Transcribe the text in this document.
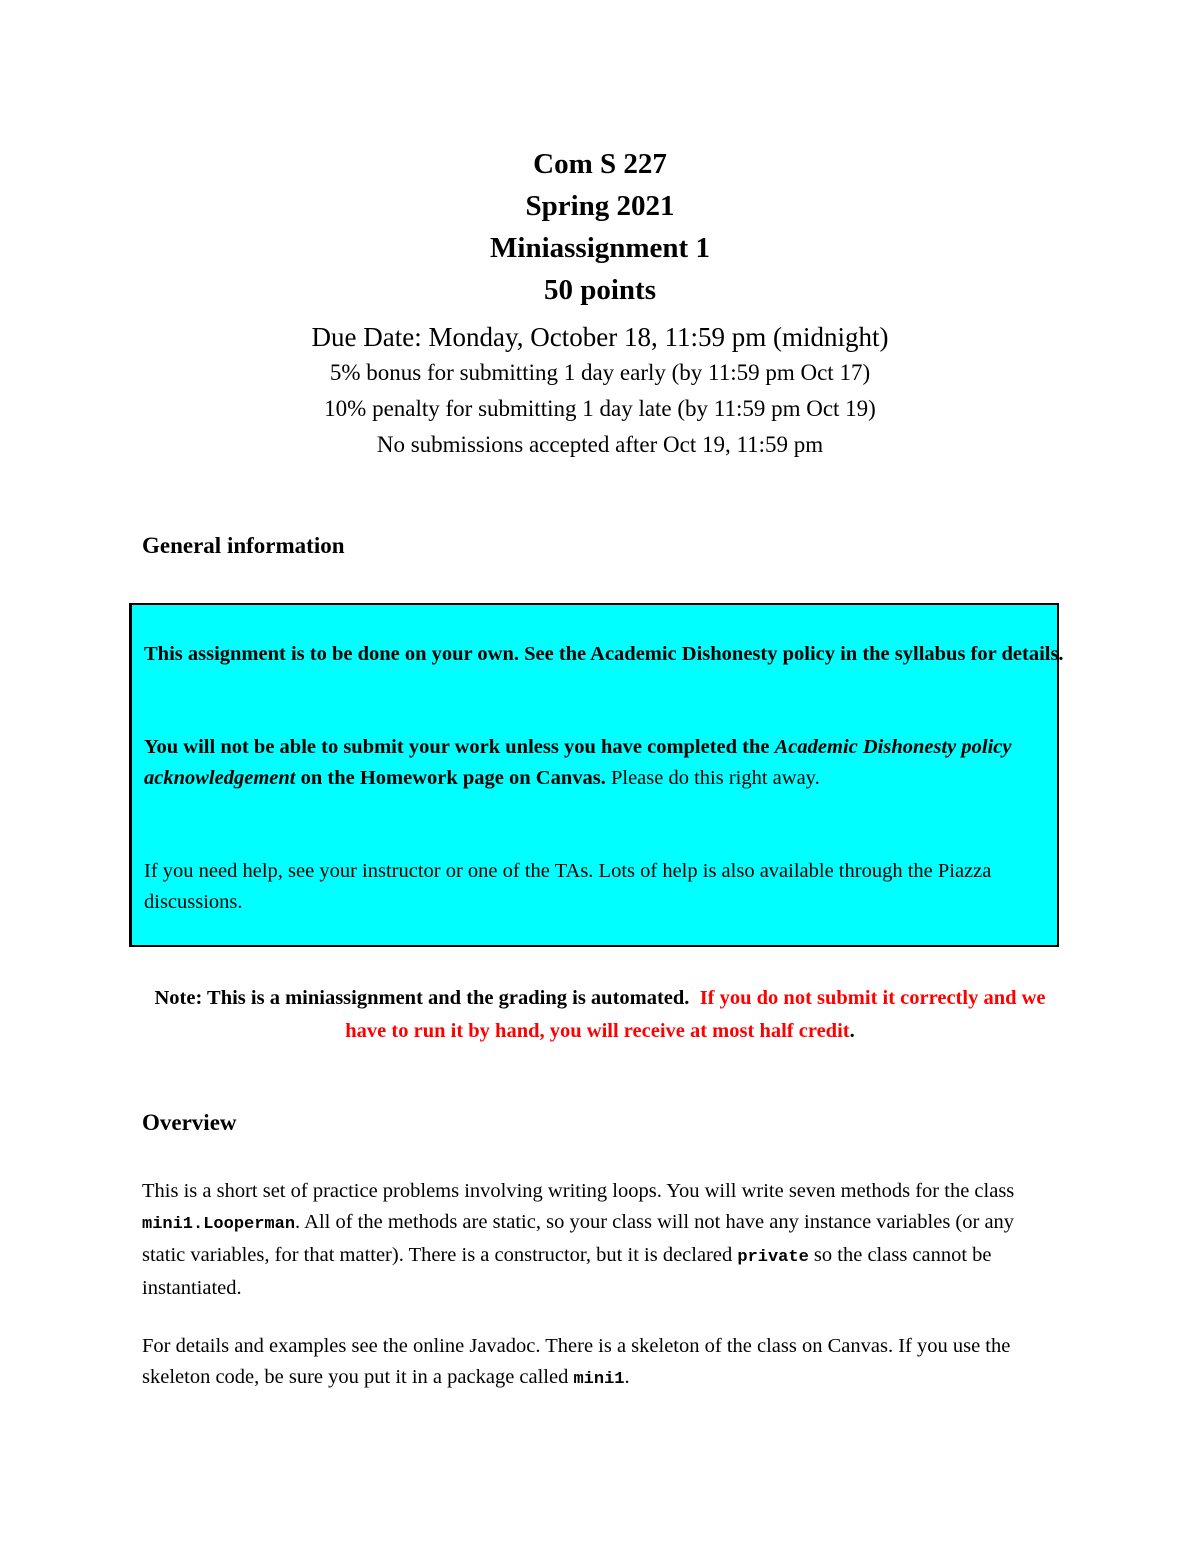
Com S 227
Spring 2021
Miniassignment 1
50 points
Due Date: Monday, October 18, 11:59 pm (midnight)
5% bonus for submitting 1 day early (by 11:59 pm Oct 17)
10% penalty for submitting 1 day late (by 11:59 pm Oct 19)
No submissions accepted after Oct 19, 11:59 pm
General information

This assignment is to be done on your own. See the Academic Dishonesty policy in the syllabus for details.

You will not be able to submit your work unless you have completed the Academic Dishonesty policy acknowledgement on the Homework page on Canvas. Please do this right away.

If you need help, see your instructor or one of the TAs. Lots of help is also available through the Piazza discussions.

Note: This is a miniassignment and the grading is automated. If you do not submit it correctly and we have to run it by hand, you will receive at most half credit.
Overview

This is a short set of practice problems involving writing loops. You will write seven methods for the class mini1.Looperman. All of the methods are static, so your class will not have any instance variables (or any static variables, for that matter). There is a constructor, but it is declared private so the class cannot be instantiated.

For details and examples see the online Javadoc. There is a skeleton of the class on Canvas. If you use the skeleton code, be sure you put it in a package called mini1.
